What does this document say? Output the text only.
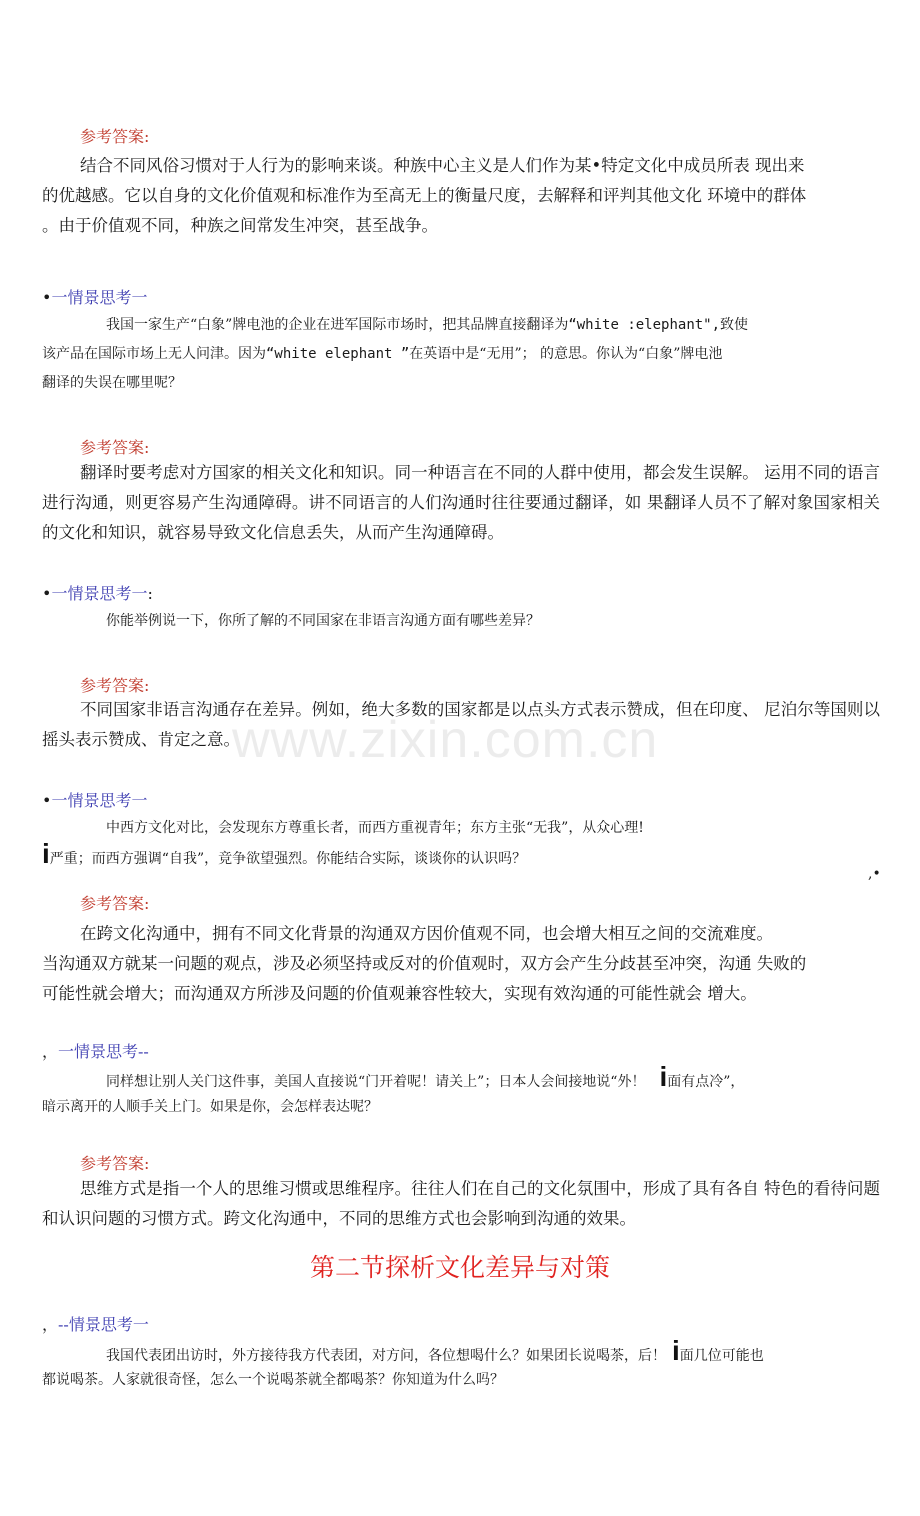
www.zixin.com.cn
参考答案:
结合不同风俗习惯对于人行为的影响来谈。种族中心主义是人们作为某•特定文化中成员所表 现出来
的优越感。它以自身的文化价值观和标准作为至高无上的衡量尺度，去解释和评判其他文化 环境中的群体
。由于价值观不同，种族之间常发生冲突，甚至战争。
•一情景思考一
我国一家生产“白象”牌电池的企业在进军国际市场时，把其品牌直接翻译为“white :elephant",致使
该产品在国际市场上无人问津。因为“white elephant ”在英语中是“无用”； 的意思。你认为“白象”牌电池
翻译的失误在哪里呢？
参考答案:
翻译时要考虑对方国家的相关文化和知识。同一种语言在不同的人群中使用，都会发生误解。 运用不同的语言进行沟通，则更容易产生沟通障碍。讲不同语言的人们沟通时往往要通过翻译，如 果翻译人员不了解对象国家相关的文化和知识，就容易导致文化信息丢失，从而产生沟通障碍。
•一情景思考一:
你能举例说一下，你所了解的不同国家在非语言沟通方面有哪些差异？
参考答案:
不同国家非语言沟通存在差异。例如，绝大多数的国家都是以点头方式表示赞成，但在印度、 尼泊尔等国则以摇头表示赞成、肯定之意。
•一情景思考一
中西方文化对比，会发现东方尊重长者，而西方重视青年；东方主张“无我”，从众心理!
i严重；而西方强调“自我”，竞争欲望强烈。你能结合实际，谈谈你的认识吗？
,•
参考答案:
在跨文化沟通中，拥有不同文化背景的沟通双方因价值观不同，也会增大相互之间的交流难度。
当沟通双方就某一问题的观点，涉及必须坚持或反对的价值观时，双方会产生分歧甚至冲突，沟通 失败的
可能性就会增大；而沟通双方所涉及问题的价值观兼容性较大，实现有效沟通的可能性就会 增大。
，一情景思考--
同样想让别人关门这件事，美国人直接说“门开着呢！请关上”；日本人会间接地说“外！ i面有点冷”，
暗示离开的人顺手关上门。如果是你，会怎样表达呢？
参考答案:
思维方式是指一个人的思维习惯或思维程序。往往人们在自己的文化氛围中，形成了具有各自 特色的看待问题和认识问题的习惯方式。跨文化沟通中，不同的思维方式也会影响到沟通的效果。
第二节探析文化差异与对策
，--情景思考一
我国代表团出访时，外方接待我方代表团，对方问，各位想喝什么？如果团长说喝茶，后！ i面几位可能也
都说喝茶。人家就很奇怪，怎么一个说喝茶就全都喝茶？你知道为什么吗？
